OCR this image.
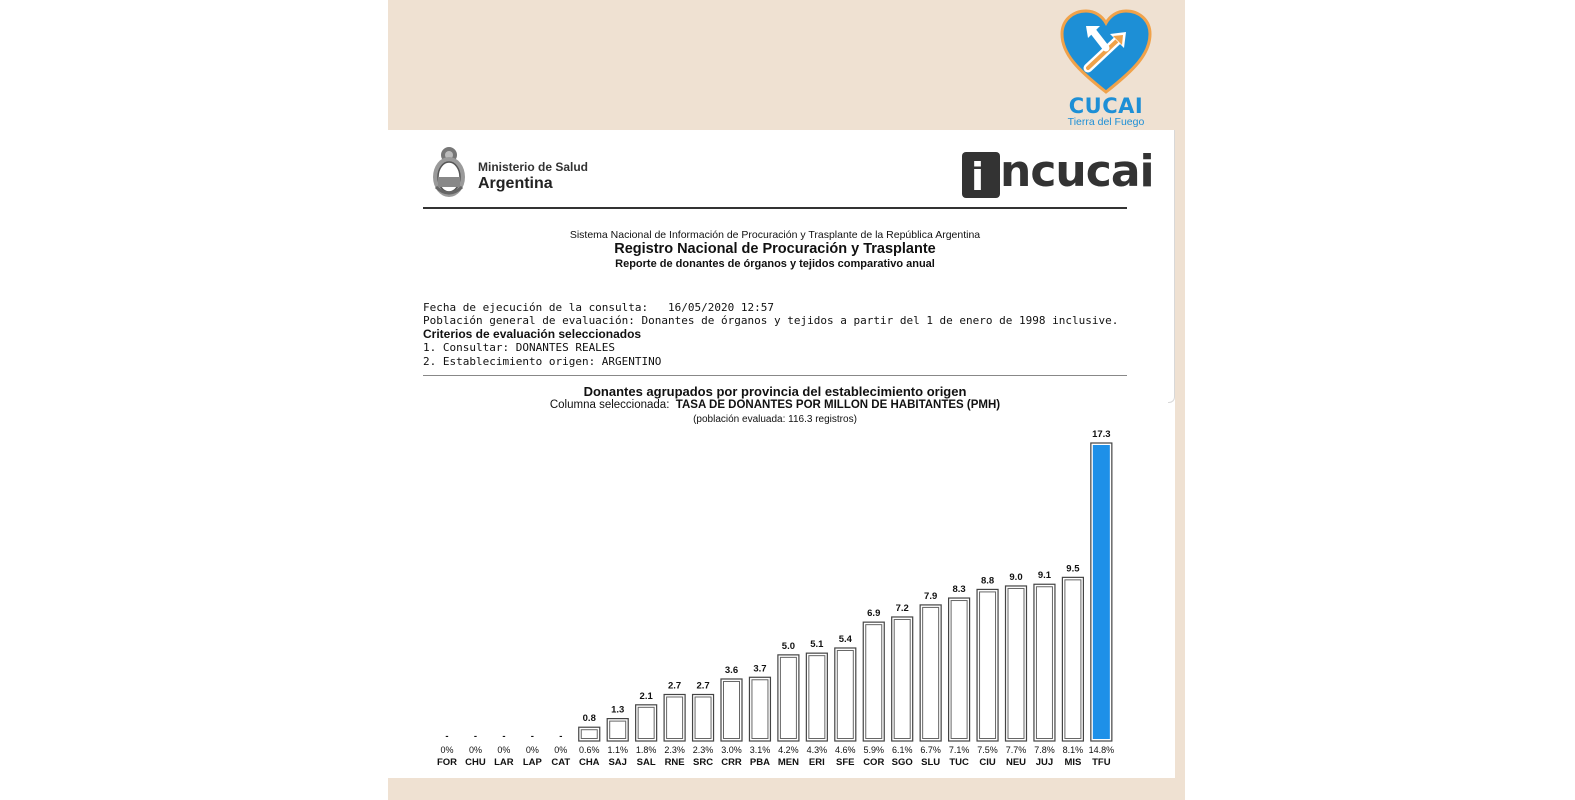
CUCAI
Tierra del Fuego
Ministerio de Salud
Argentina	i ncucai
Sistema Nacional de Información de Procuración y Trasplante de la República Argentina
Registro Nacional de Procuración y Trasplante
Reporte de donantes de órganos y tejidos comparativo anual
Fecha de ejecución de la consulta: 16/05/2020 12:57
Población general de evaluación: Donantes de órganos y tejidos a partir del 1 de enero de 1998 inclusive.
Criterios de evaluación seleccionados
1. Consultar: DONANTES REALES
2. Establecimiento origen: ARGENTINO
Donantes agrupados por provincia del establecimiento origen
Columna seleccionada: TASA DE DONANTES POR MILLON DE HABITANTES (PMH)
(población evaluada: 116.3 registros)
-
0%
FOR
-
0%
CHU
-
0%
LAR
-
0%
LAP
-
0%
CAT
0.8
0.6%
CHA
1.3
1.1%
SAJ
2.1
1.8%
SAL
2.7
2.3%
RNE
2.7
2.3%
SRC
3.6
3.0%
CRR
3.7
3.1%
PBA
5.0
4.2%
MEN
5.1
4.3%
ERI
5.4
4.6%
SFE
6.9
5.9%
COR
7.2
6.1%
SGO
7.9
6.7%
SLU
8.3
7.1%
TUC
8.8
7.5%
CIU
9.0
7.7%
NEU
9.1
7.8%
JUJ
9.5
8.1%
MIS
17.3
14.8%
TFU
